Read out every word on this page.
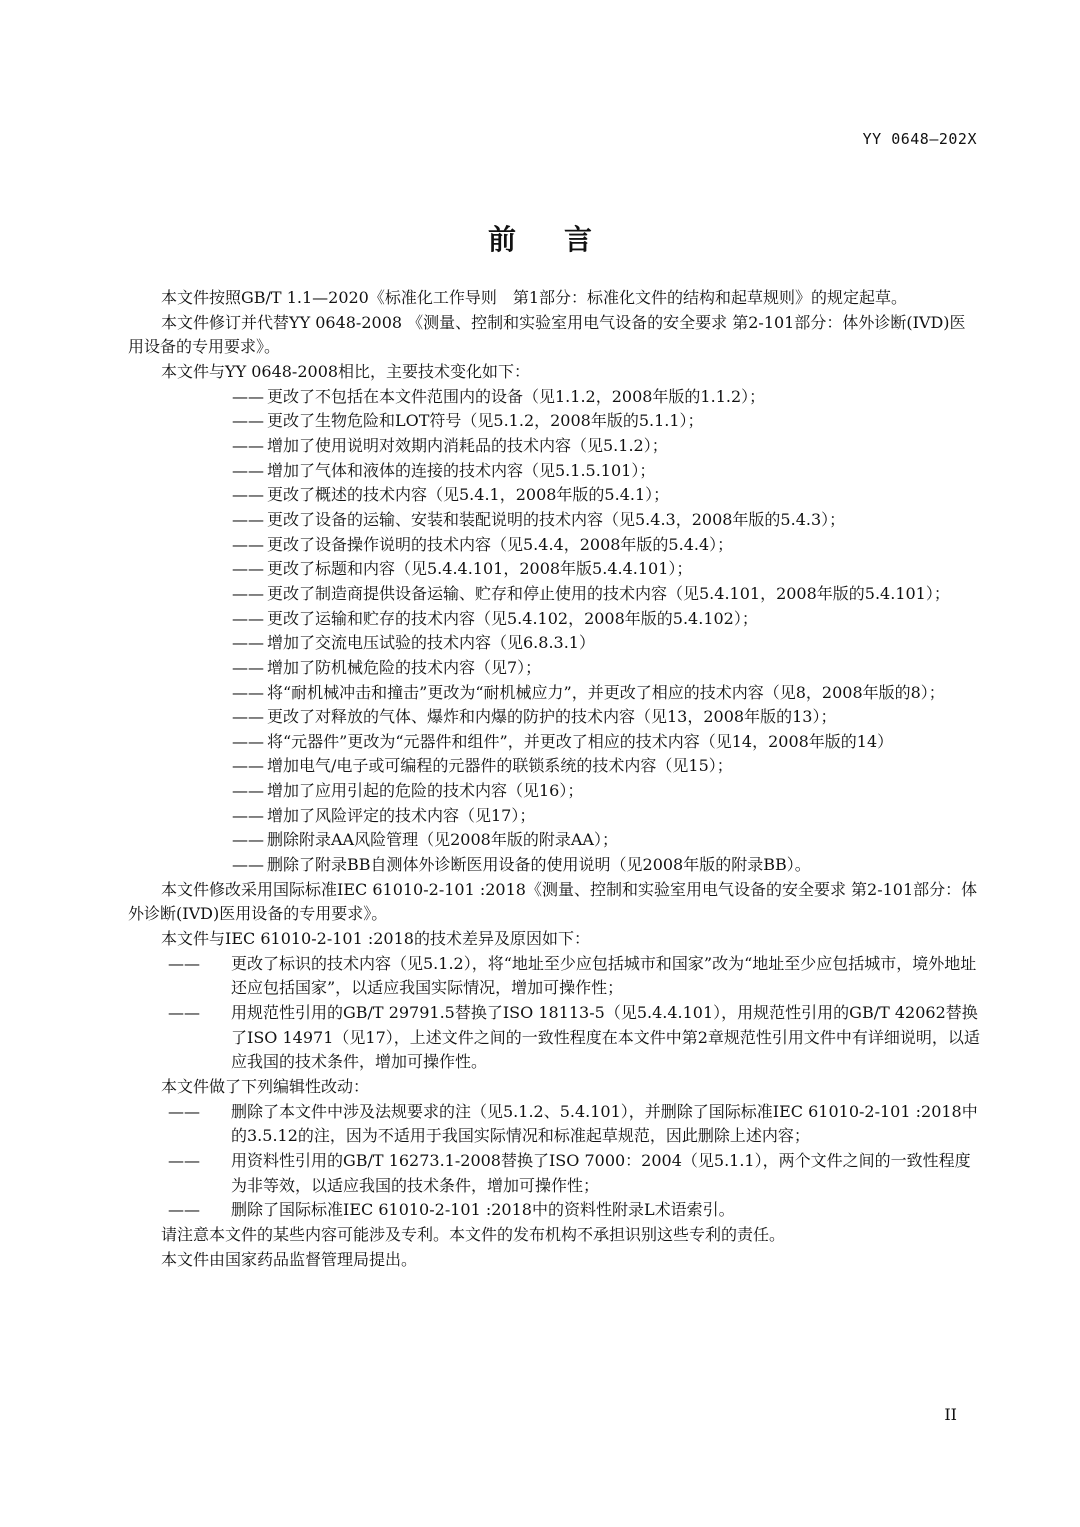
YY 0648—202X
前言

本文件按照GB/T 1.1—2020《标准化工作导则　第1部分：标准化文件的结构和起草规则》的规定起草。

本文件修订并代替YY 0648-2008 《测量、控制和实验室用电气设备的安全要求 第2-101部分：体外诊断(IVD)医用设备的专用要求》。

本文件与YY 0648-2008相比，主要技术变化如下：

—— 更改了不包括在本文件范围内的设备（见1.1.2，2008年版的1.1.2）；

—— 更改了生物危险和LOT符号（见5.1.2，2008年版的5.1.1）；

—— 增加了使用说明对效期内消耗品的技术内容（见5.1.2）；

—— 增加了气体和液体的连接的技术内容（见5.1.5.101）；

—— 更改了概述的技术内容（见5.4.1，2008年版的5.4.1）；

—— 更改了设备的运输、安装和装配说明的技术内容（见5.4.3，2008年版的5.4.3）；

—— 更改了设备操作说明的技术内容（见5.4.4，2008年版的5.4.4）；

—— 更改了标题和内容（见5.4.4.101，2008年版5.4.4.101）；

—— 更改了制造商提供设备运输、贮存和停止使用的技术内容（见5.4.101，2008年版的5.4.101）；

—— 更改了运输和贮存的技术内容（见5.4.102，2008年版的5.4.102）；

—— 增加了交流电压试验的技术内容（见6.8.3.1）

—— 增加了防机械危险的技术内容（见7）；

—— 将“耐机械冲击和撞击”更改为“耐机械应力”，并更改了相应的技术内容（见8，2008年版的8）；

—— 更改了对释放的气体、爆炸和内爆的防护的技术内容（见13，2008年版的13）；

—— 将“元器件”更改为“元器件和组件”，并更改了相应的技术内容（见14，2008年版的14）

—— 增加电气/电子或可编程的元器件的联锁系统的技术内容（见15）；

—— 增加了应用引起的危险的技术内容（见16）；

—— 增加了风险评定的技术内容（见17）；

—— 删除附录AA风险管理（见2008年版的附录AA）；

—— 删除了附录BB自测体外诊断医用设备的使用说明（见2008年版的附录BB）。

本文件修改采用国际标准IEC 61010-2-101 :2018《测量、控制和实验室用电气设备的安全要求 第2-101部分：体外诊断(IVD)医用设备的专用要求》。

本文件与IEC 61010-2-101 :2018的技术差异及原因如下：

—— 更改了标识的技术内容（见5.1.2），将“地址至少应包括城市和国家”改为“地址至少应包括城市，境外地址还应包括国家”，以适应我国实际情况，增加可操作性；

—— 用规范性引用的GB/T 29791.5替换了ISO 18113-5（见5.4.4.101），用规范性引用的GB/T 42062替换了ISO 14971（见17），上述文件之间的一致性程度在本文件中第2章规范性引用文件中有详细说明，以适应我国的技术条件，增加可操作性。

本文件做了下列编辑性改动：

—— 删除了本文件中涉及法规要求的注（见5.1.2、5.4.101），并删除了国际标准IEC 61010-2-101 :2018中的3.5.12的注，因为不适用于我国实际情况和标准起草规范，因此删除上述内容；

—— 用资料性引用的GB/T 16273.1-2008替换了ISO 7000：2004（见5.1.1），两个文件之间的一致性程度为非等效，以适应我国的技术条件，增加可操作性；

—— 删除了国际标准IEC 61010-2-101 :2018中的资料性附录L术语索引。

请注意本文件的某些内容可能涉及专利。本文件的发布机构不承担识别这些专利的责任。

本文件由国家药品监督管理局提出。

II
